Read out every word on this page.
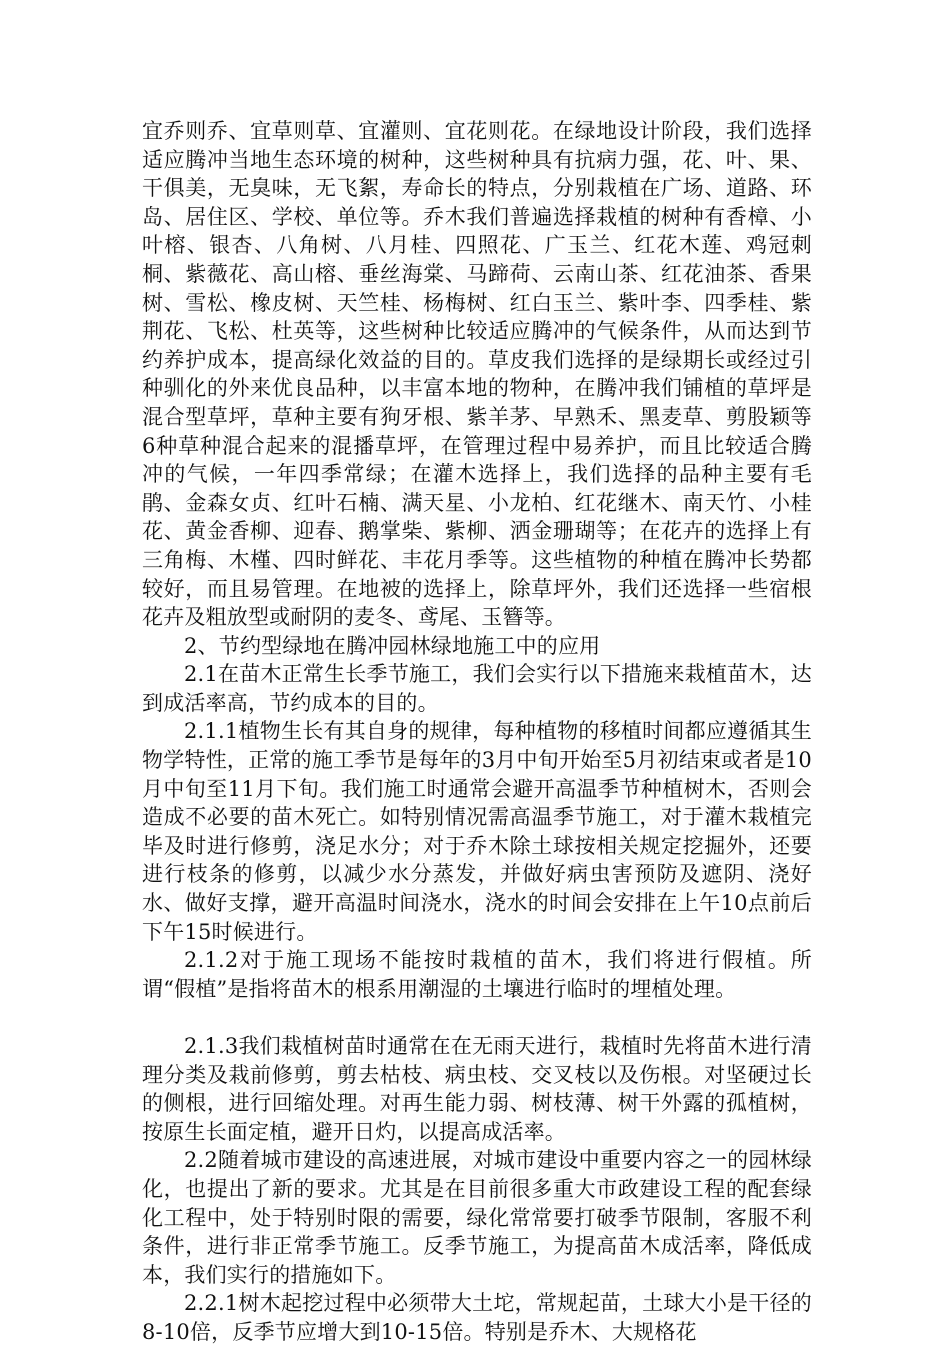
宜乔则乔、宜草则草、宜灌则、宜花则花。在绿地设计阶段，我们选择适应腾冲当地生态环境的树种，这些树种具有抗病力强，花、叶、果、干俱美，无臭味，无飞絮，寿命长的特点，分别栽植在广场、道路、环岛、居住区、学校、单位等。乔木我们普遍选择栽植的树种有香樟、小叶榕、银杏、八角树、八月桂、四照花、广玉兰、红花木莲、鸡冠刺桐、紫薇花、高山榕、垂丝海棠、马蹄荷、云南山茶、红花油茶、香果树、雪松、橡皮树、天竺桂、杨梅树、红白玉兰、紫叶李、四季桂、紫荆花、飞松、杜英等，这些树种比较适应腾冲的气候条件，从而达到节约养护成本，提高绿化效益的目的。草皮我们选择的是绿期长或经过引种驯化的外来优良品种，以丰富本地的物种，在腾冲我们铺植的草坪是混合型草坪，草种主要有狗牙根、紫羊茅、早熟禾、黑麦草、剪股颖等6种草种混合起来的混播草坪，在管理过程中易养护，而且比较适合腾冲的气候，一年四季常绿；在灌木选择上，我们选择的品种主要有毛鹃、金森女贞、红叶石楠、满天星、小龙柏、红花继木、南天竹、小桂花、黄金香柳、迎春、鹅掌柴、紫柳、洒金珊瑚等；在花卉的选择上有三角梅、木槿、四时鲜花、丰花月季等。这些植物的种植在腾冲长势都较好，而且易管理。在地被的选择上，除草坪外，我们还选择一些宿根花卉及粗放型或耐阴的麦冬、鸢尾、玉簪等。

2、节约型绿地在腾冲园林绿地施工中的应用

2.1在苗木正常生长季节施工，我们会实行以下措施来栽植苗木，达到成活率高，节约成本的目的。

2.1.1植物生长有其自身的规律，每种植物的移植时间都应遵循其生物学特性，正常的施工季节是每年的3月中旬开始至5月初结束或者是10月中旬至11月下旬。我们施工时通常会避开高温季节种植树木，否则会造成不必要的苗木死亡。如特别情况需高温季节施工，对于灌木栽植完毕及时进行修剪，浇足水分；对于乔木除土球按相关规定挖掘外，还要进行枝条的修剪，以减少水分蒸发，并做好病虫害预防及遮阴、浇好水、做好支撑，避开高温时间浇水，浇水的时间会安排在上午10点前后下午15时候进行。

2.1.2对于施工现场不能按时栽植的苗木，我们将进行假植。所谓“假植”是指将苗木的根系用潮湿的土壤进行临时的埋植处理。

2.1.3我们栽植树苗时通常在在无雨天进行，栽植时先将苗木进行清理分类及栽前修剪，剪去枯枝、病虫枝、交叉枝以及伤根。对坚硬过长的侧根，进行回缩处理。对再生能力弱、树枝薄、树干外露的孤植树，按原生长面定植，避开日灼，以提高成活率。

2.2随着城市建设的高速进展，对城市建设中重要内容之一的园林绿化，也提出了新的要求。尤其是在目前很多重大市政建设工程的配套绿化工程中，处于特别时限的需要，绿化常常要打破季节限制，客服不利条件，进行非正常季节施工。反季节施工，为提高苗木成活率，降低成本，我们实行的措施如下。

2.2.1树木起挖过程中必须带大土坨，常规起苗，土球大小是干径的8-10倍，反季节应增大到10-15倍。特别是乔木、大规格花
